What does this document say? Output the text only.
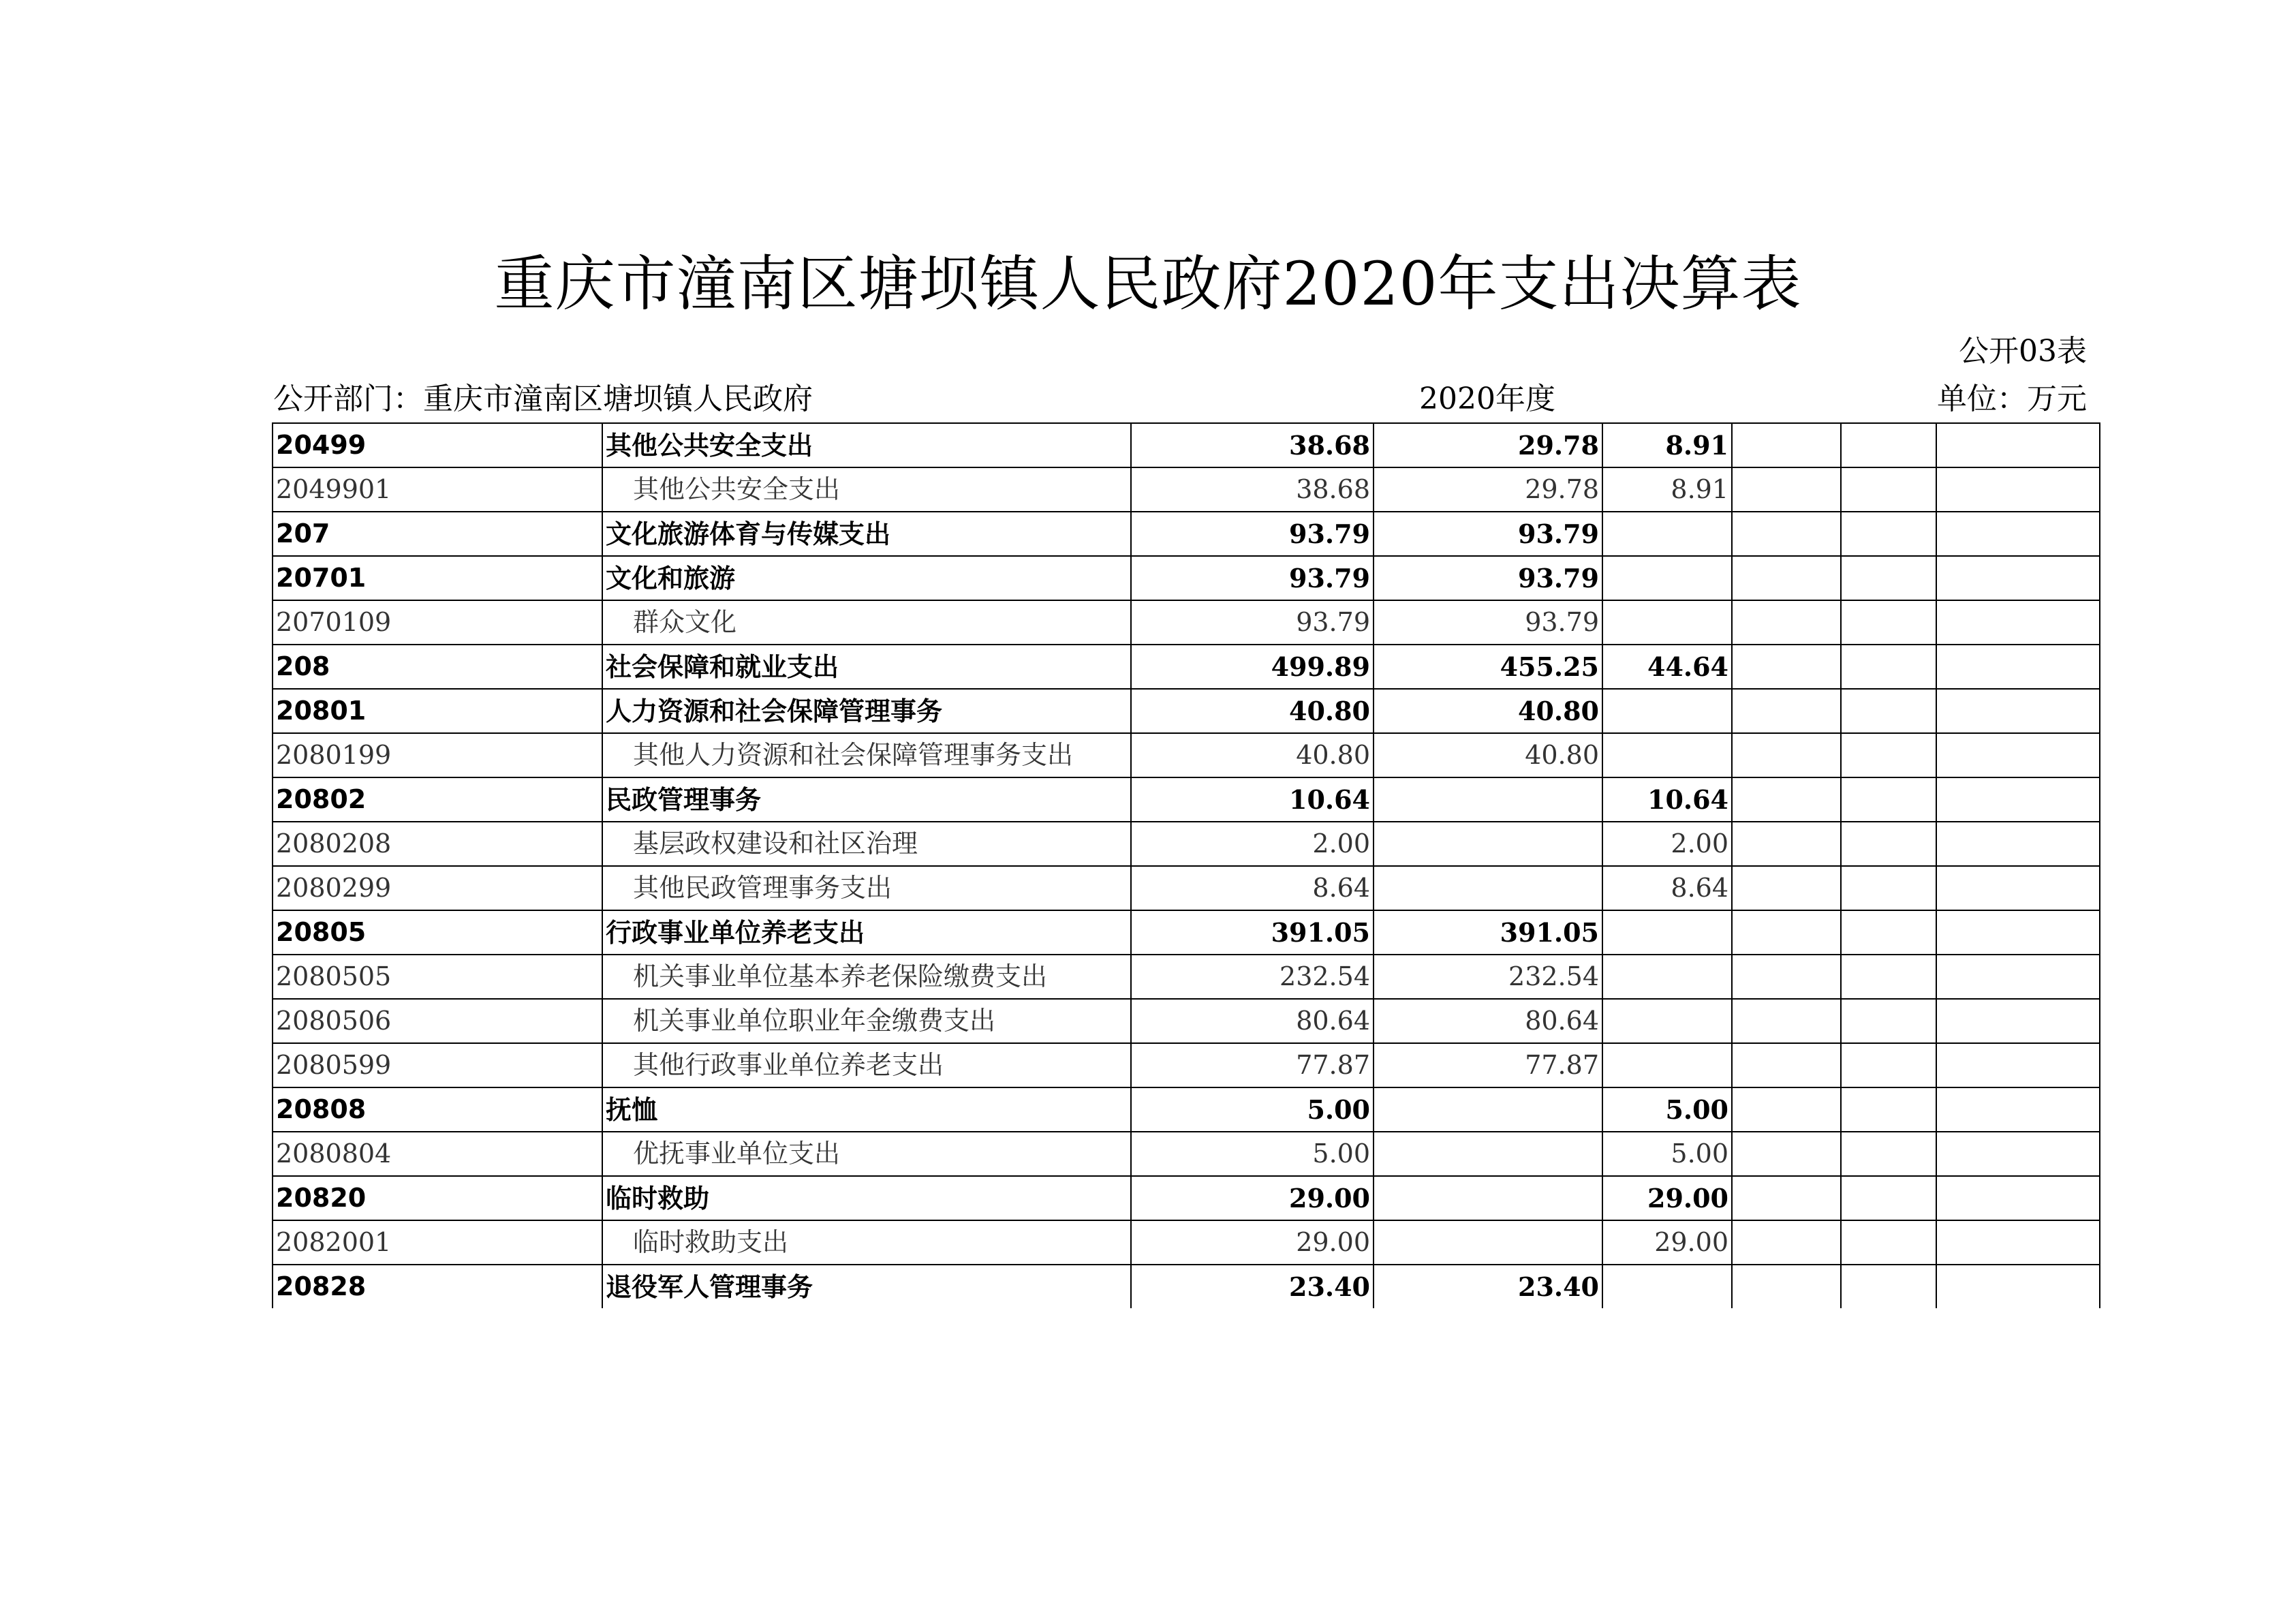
重庆市潼南区塘坝镇人民政府2020年支出决算表
公开03表
公开部门：重庆市潼南区塘坝镇人民政府	2020年度	单位：万元
20499	其他公共安全支出	38.68	29.78	8.91			
2049901	其他公共安全支出	38.68	29.78	8.91			
207	文化旅游体育与传媒支出	93.79	93.79				
20701	文化和旅游	93.79	93.79				
2070109	群众文化	93.79	93.79				
208	社会保障和就业支出	499.89	455.25	44.64			
20801	人力资源和社会保障管理事务	40.80	40.80				
2080199	其他人力资源和社会保障管理事务支出	40.80	40.80				
20802	民政管理事务	10.64		10.64			
2080208	基层政权建设和社区治理	2.00		2.00			
2080299	其他民政管理事务支出	8.64		8.64			
20805	行政事业单位养老支出	391.05	391.05				
2080505	机关事业单位基本养老保险缴费支出	232.54	232.54				
2080506	机关事业单位职业年金缴费支出	80.64	80.64				
2080599	其他行政事业单位养老支出	77.87	77.87				
20808	抚恤	5.00		5.00			
2080804	优抚事业单位支出	5.00		5.00			
20820	临时救助	29.00		29.00			
2082001	临时救助支出	29.00		29.00			
20828	退役军人管理事务	23.40	23.40				
